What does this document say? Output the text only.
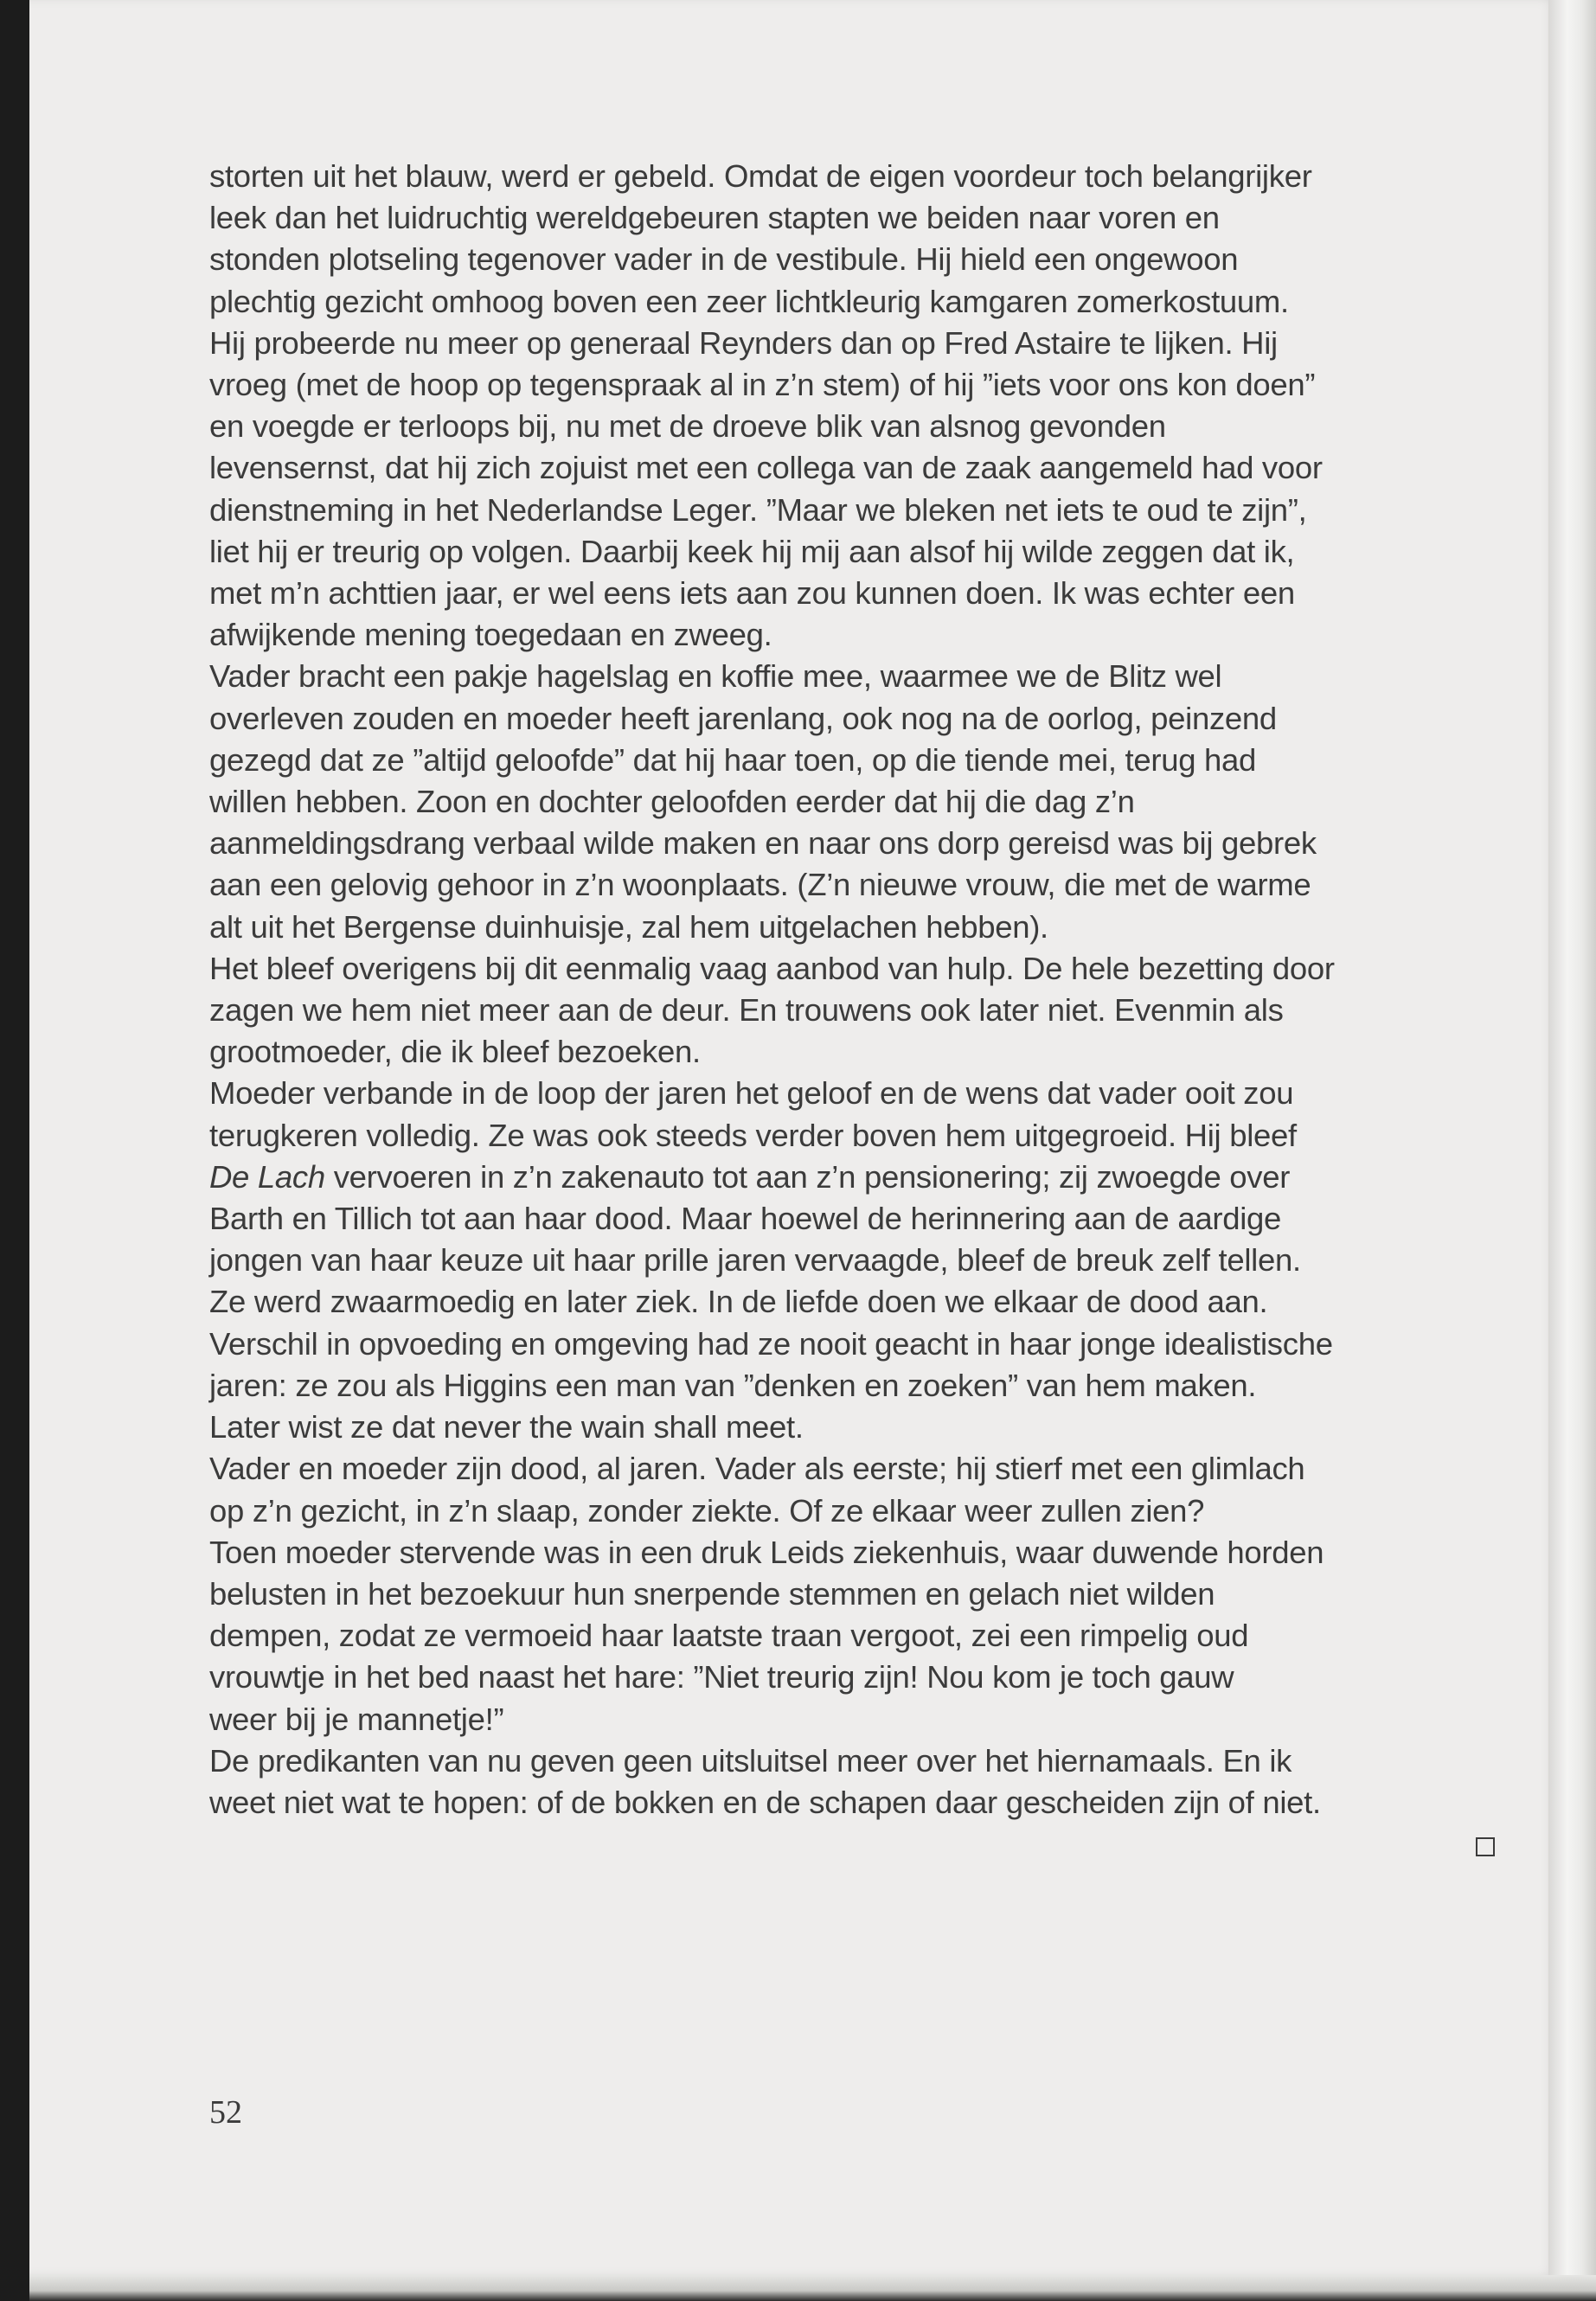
storten uit het blauw, werd er gebeld. Omdat de eigen voordeur toch belangrijker
leek dan het luidruchtig wereldgebeuren stapten we beiden naar voren en
stonden plotseling tegenover vader in de vestibule. Hij hield een ongewoon
plechtig gezicht omhoog boven een zeer lichtkleurig kamgaren zomerkostuum.
Hij probeerde nu meer op generaal Reynders dan op Fred Astaire te lijken. Hij
vroeg (met de hoop op tegenspraak al in z’n stem) of hij ”iets voor ons kon doen”
en voegde er terloops bij, nu met de droeve blik van alsnog gevonden
levensernst, dat hij zich zojuist met een collega van de zaak aangemeld had voor
dienstneming in het Nederlandse Leger. ”Maar we bleken net iets te oud te zijn”,
liet hij er treurig op volgen. Daarbij keek hij mij aan alsof hij wilde zeggen dat ik,
met m’n achttien jaar, er wel eens iets aan zou kunnen doen. Ik was echter een
afwijkende mening toegedaan en zweeg.

Vader bracht een pakje hagelslag en koffie mee, waarmee we de Blitz wel
overleven zouden en moeder heeft jarenlang, ook nog na de oorlog, peinzend
gezegd dat ze ”altijd geloofde” dat hij haar toen, op die tiende mei, terug had
willen hebben. Zoon en dochter geloofden eerder dat hij die dag z’n
aanmeldingsdrang verbaal wilde maken en naar ons dorp gereisd was bij gebrek
aan een gelovig gehoor in z’n woonplaats. (Z’n nieuwe vrouw, die met de warme
alt uit het Bergense duinhuisje, zal hem uitgelachen hebben).

Het bleef overigens bij dit eenmalig vaag aanbod van hulp. De hele bezetting door
zagen we hem niet meer aan de deur. En trouwens ook later niet. Evenmin als
grootmoeder, die ik bleef bezoeken.

Moeder verbande in de loop der jaren het geloof en de wens dat vader ooit zou
terugkeren volledig. Ze was ook steeds verder boven hem uitgegroeid. Hij bleef
De Lach vervoeren in z’n zakenauto tot aan z’n pensionering; zij zwoegde over
Barth en Tillich tot aan haar dood. Maar hoewel de herinnering aan de aardige
jongen van haar keuze uit haar prille jaren vervaagde, bleef de breuk zelf tellen.
Ze werd zwaarmoedig en later ziek. In de liefde doen we elkaar de dood aan.
Verschil in opvoeding en omgeving had ze nooit geacht in haar jonge idealistische
jaren: ze zou als Higgins een man van ”denken en zoeken” van hem maken.
Later wist ze dat never the wain shall meet.

Vader en moeder zijn dood, al jaren. Vader als eerste; hij stierf met een glimlach
op z’n gezicht, in z’n slaap, zonder ziekte. Of ze elkaar weer zullen zien?

Toen moeder stervende was in een druk Leids ziekenhuis, waar duwende horden
belusten in het bezoekuur hun snerpende stemmen en gelach niet wilden
dempen, zodat ze vermoeid haar laatste traan vergoot, zei een rimpelig oud
vrouwtje in het bed naast het hare: ”Niet treurig zijn! Nou kom je toch gauw
weer bij je mannetje!”

De predikanten van nu geven geen uitsluitsel meer over het hiernamaals. En ik
weet niet wat te hopen: of de bokken en de schapen daar gescheiden zijn of niet.

52
